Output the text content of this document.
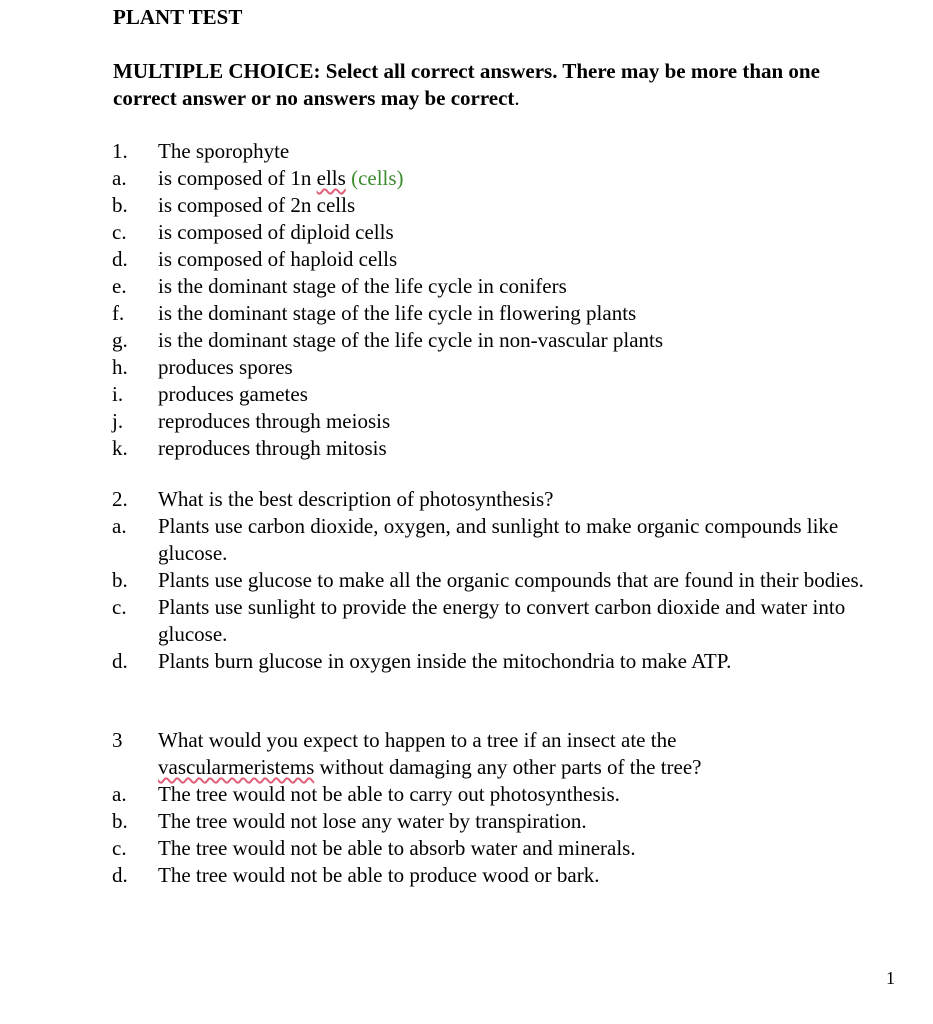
PLANT TEST

MULTIPLE CHOICE: Select all correct answers. There may be more than one correct answer or no answers may be correct.

1.	The sporophyte
a.	is composed of 1n ells (cells)
b.	is composed of 2n cells
c.	is composed of diploid cells
d.	is composed of haploid cells
e.	is the dominant stage of the life cycle in conifers
f.	is the dominant stage of the life cycle in flowering plants
g.	is the dominant stage of the life cycle in non-vascular plants
h.	produces spores
i.	produces gametes
j.	reproduces through meiosis
k.	reproduces through mitosis
2.	What is the best description of photosynthesis?
a.	Plants use carbon dioxide, oxygen, and sunlight to make organic compounds like glucose.
b.	Plants use glucose to make all the organic compounds that are found in their bodies.
c.	Plants use sunlight to provide the energy to convert carbon dioxide and water into glucose.
d.	Plants burn glucose in oxygen inside the mitochondria to make ATP.
3	What would you expect to happen to a tree if an insect ate the
vascularmeristems without damaging any other parts of the tree?
a.	The tree would not be able to carry out photosynthesis.
b.	The tree would not lose any water by transpiration.
c.	The tree would not be able to absorb water and minerals.
d.	The tree would not be able to produce wood or bark.
1
